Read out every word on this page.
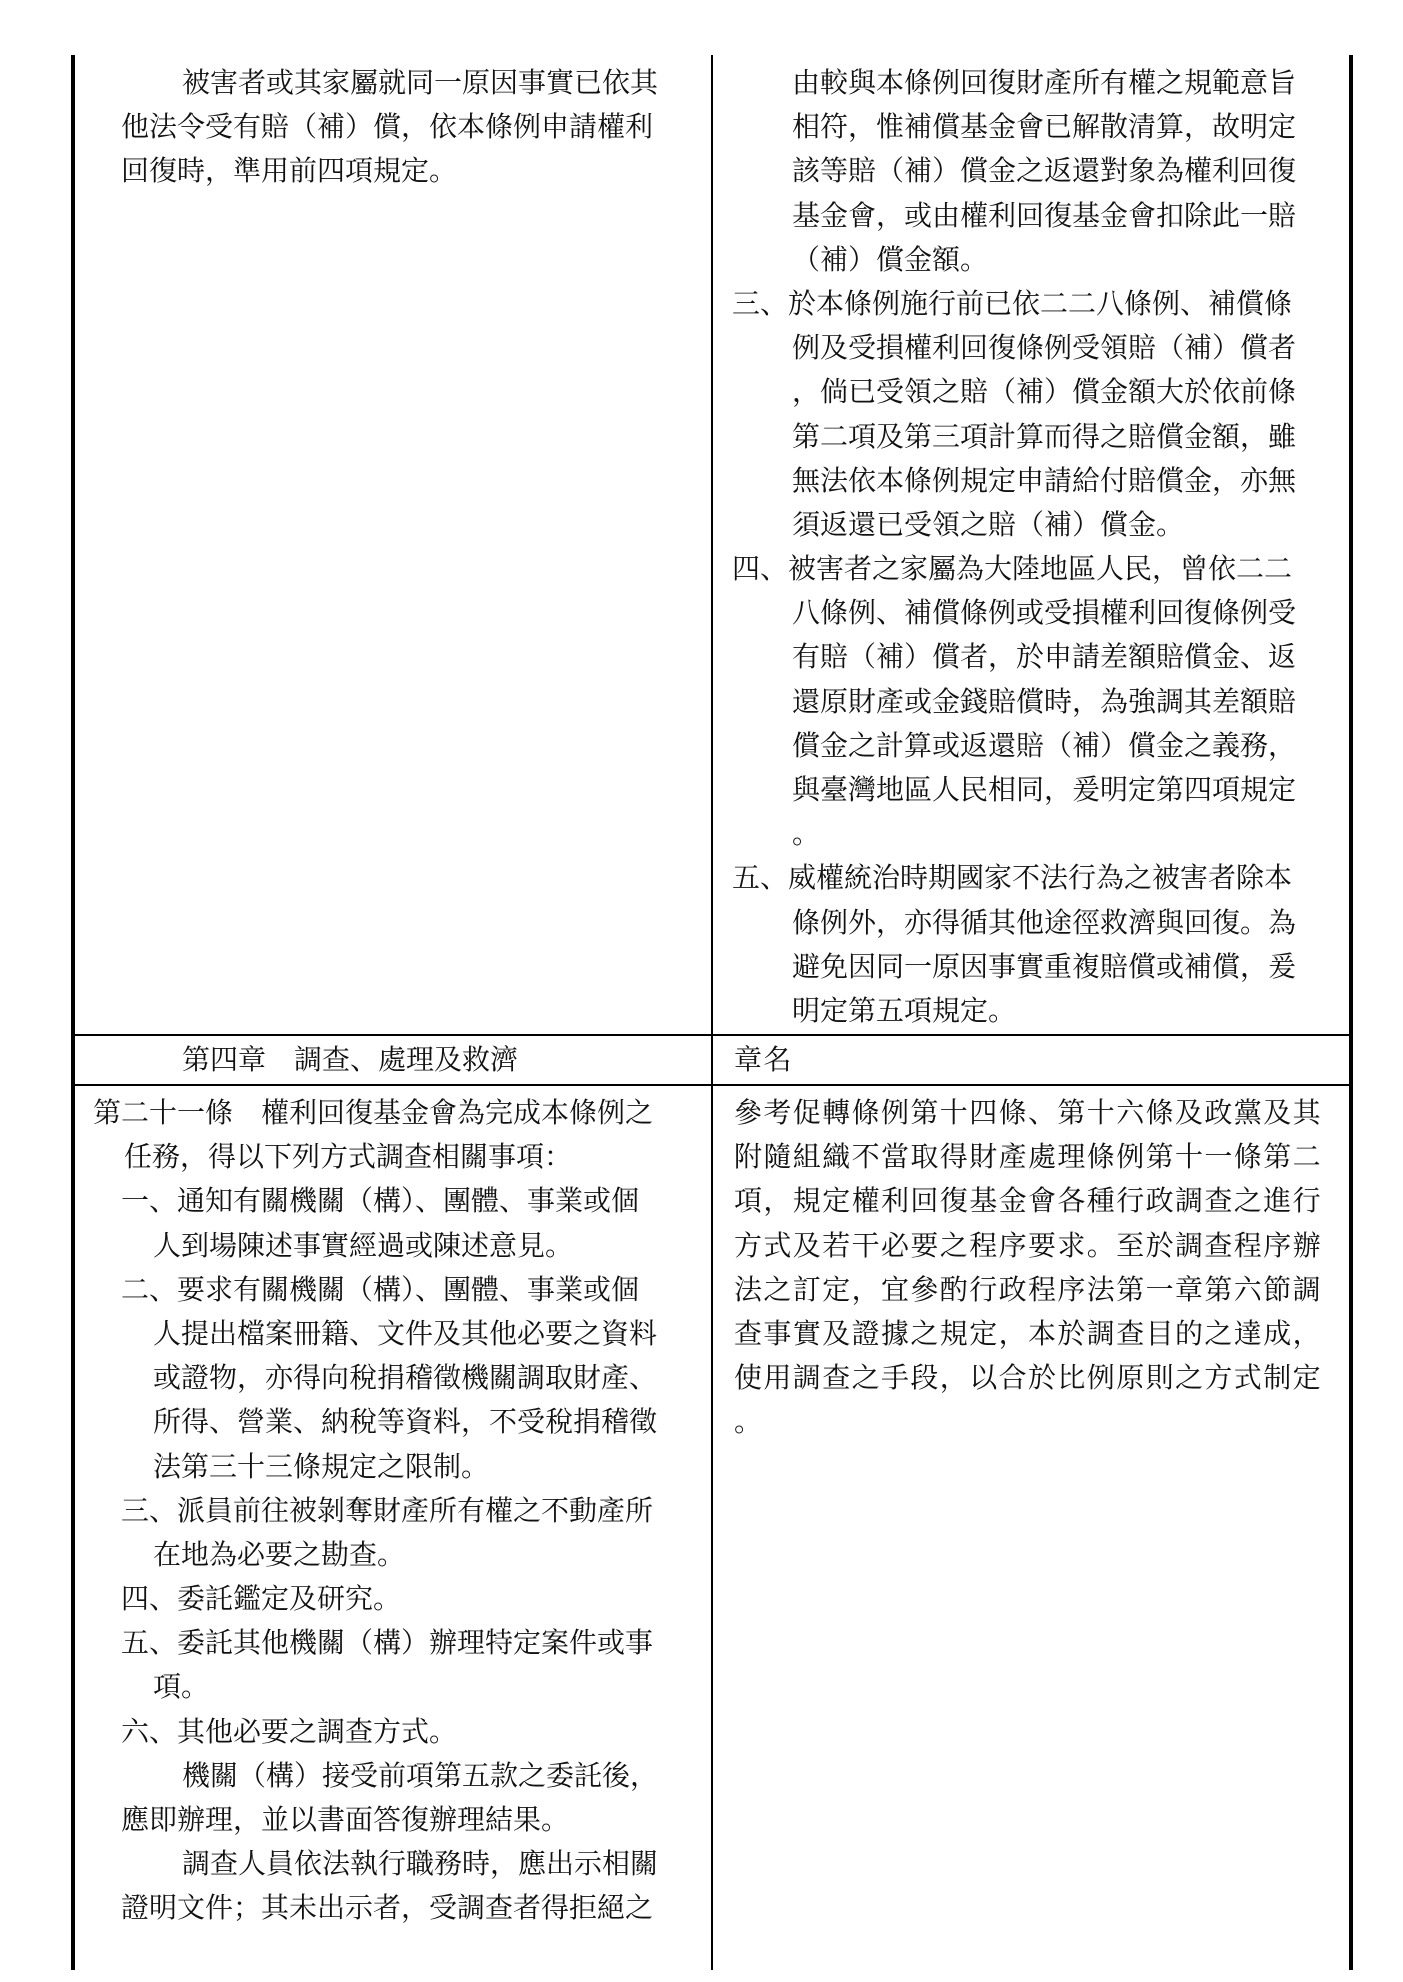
被害者或其家屬就同一原因事實已依其
他法令受有賠（補）償，依本條例申請權利
回復時，準用前四項規定。
由較與本條例回復財產所有權之規範意旨
相符，惟補償基金會已解散清算，故明定
該等賠（補）償金之返還對象為權利回復
基金會，或由權利回復基金會扣除此一賠
（補）償金額。
三、於本條例施行前已依二二八條例、補償條
例及受損權利回復條例受領賠（補）償者
，倘已受領之賠（補）償金額大於依前條
第二項及第三項計算而得之賠償金額，雖
無法依本條例規定申請給付賠償金，亦無
須返還已受領之賠（補）償金。
四、被害者之家屬為大陸地區人民，曾依二二
八條例、補償條例或受損權利回復條例受
有賠（補）償者，於申請差額賠償金、返
還原財產或金錢賠償時，為強調其差額賠
償金之計算或返還賠（補）償金之義務，
與臺灣地區人民相同，爰明定第四項規定
。
五、威權統治時期國家不法行為之被害者除本
條例外，亦得循其他途徑救濟與回復。為
避免因同一原因事實重複賠償或補償，爰
明定第五項規定。
第四章　調查、處理及救濟	章名
第二十一條　權利回復基金會為完成本條例之
任務，得以下列方式調查相關事項：
一、通知有關機關（構）、團體、事業或個
人到場陳述事實經過或陳述意見。
二、要求有關機關（構）、團體、事業或個
人提出檔案冊籍、文件及其他必要之資料
或證物，亦得向稅捐稽徵機關調取財產、
所得、營業、納稅等資料，不受稅捐稽徵
法第三十三條規定之限制。
三、派員前往被剝奪財產所有權之不動產所
在地為必要之勘查。
四、委託鑑定及研究。
五、委託其他機關（構）辦理特定案件或事
項。
六、其他必要之調查方式。
機關（構）接受前項第五款之委託後，
應即辦理，並以書面答復辦理結果。
調查人員依法執行職務時，應出示相關
證明文件；其未出示者，受調查者得拒絕之
參考促轉條例第十四條、第十六條及政黨及其
附隨組織不當取得財產處理條例第十一條第二
項，規定權利回復基金會各種行政調查之進行
方式及若干必要之程序要求。至於調查程序辦
法之訂定，宜參酌行政程序法第一章第六節調
查事實及證據之規定，本於調查目的之達成，
使用調查之手段，以合於比例原則之方式制定
。
